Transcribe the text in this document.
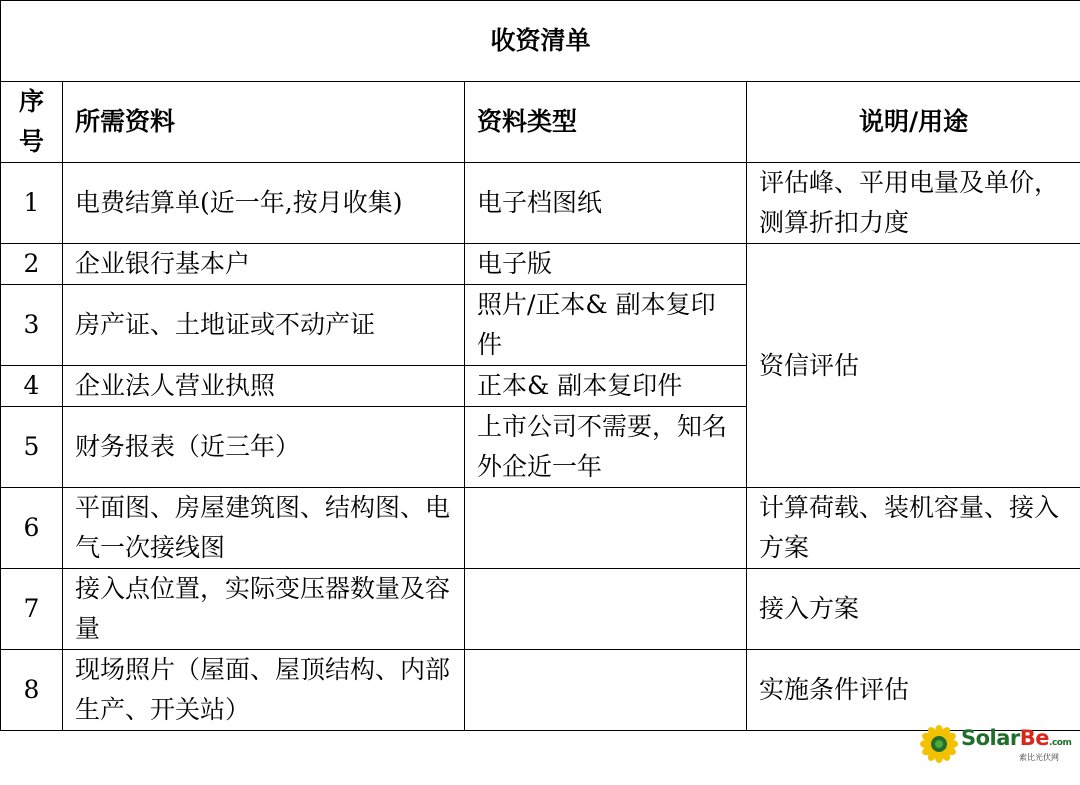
收资清单			
序号	所需资料	资料类型	说明/用途
1	电费结算单(近一年,按月收集)	电子档图纸	评估峰、平用电量及单价，测算折扣力度
2	企业银行基本户	电子版	资信评估
3	房产证、土地证或不动产证	照片/正本& 副本复印件	
4	企业法人营业执照	正本& 副本复印件	
5	财务报表（近三年）	上市公司不需要，知名外企近一年	
6	平面图、房屋建筑图、结构图、电气一次接线图		计算荷载、装机容量、接入方案
7	接入点位置，实际变压器数量及容量		接入方案
8	现场照片（屋面、屋顶结构、内部生产、开关站）		实施条件评估
SolarBe.com
索比光伏网
